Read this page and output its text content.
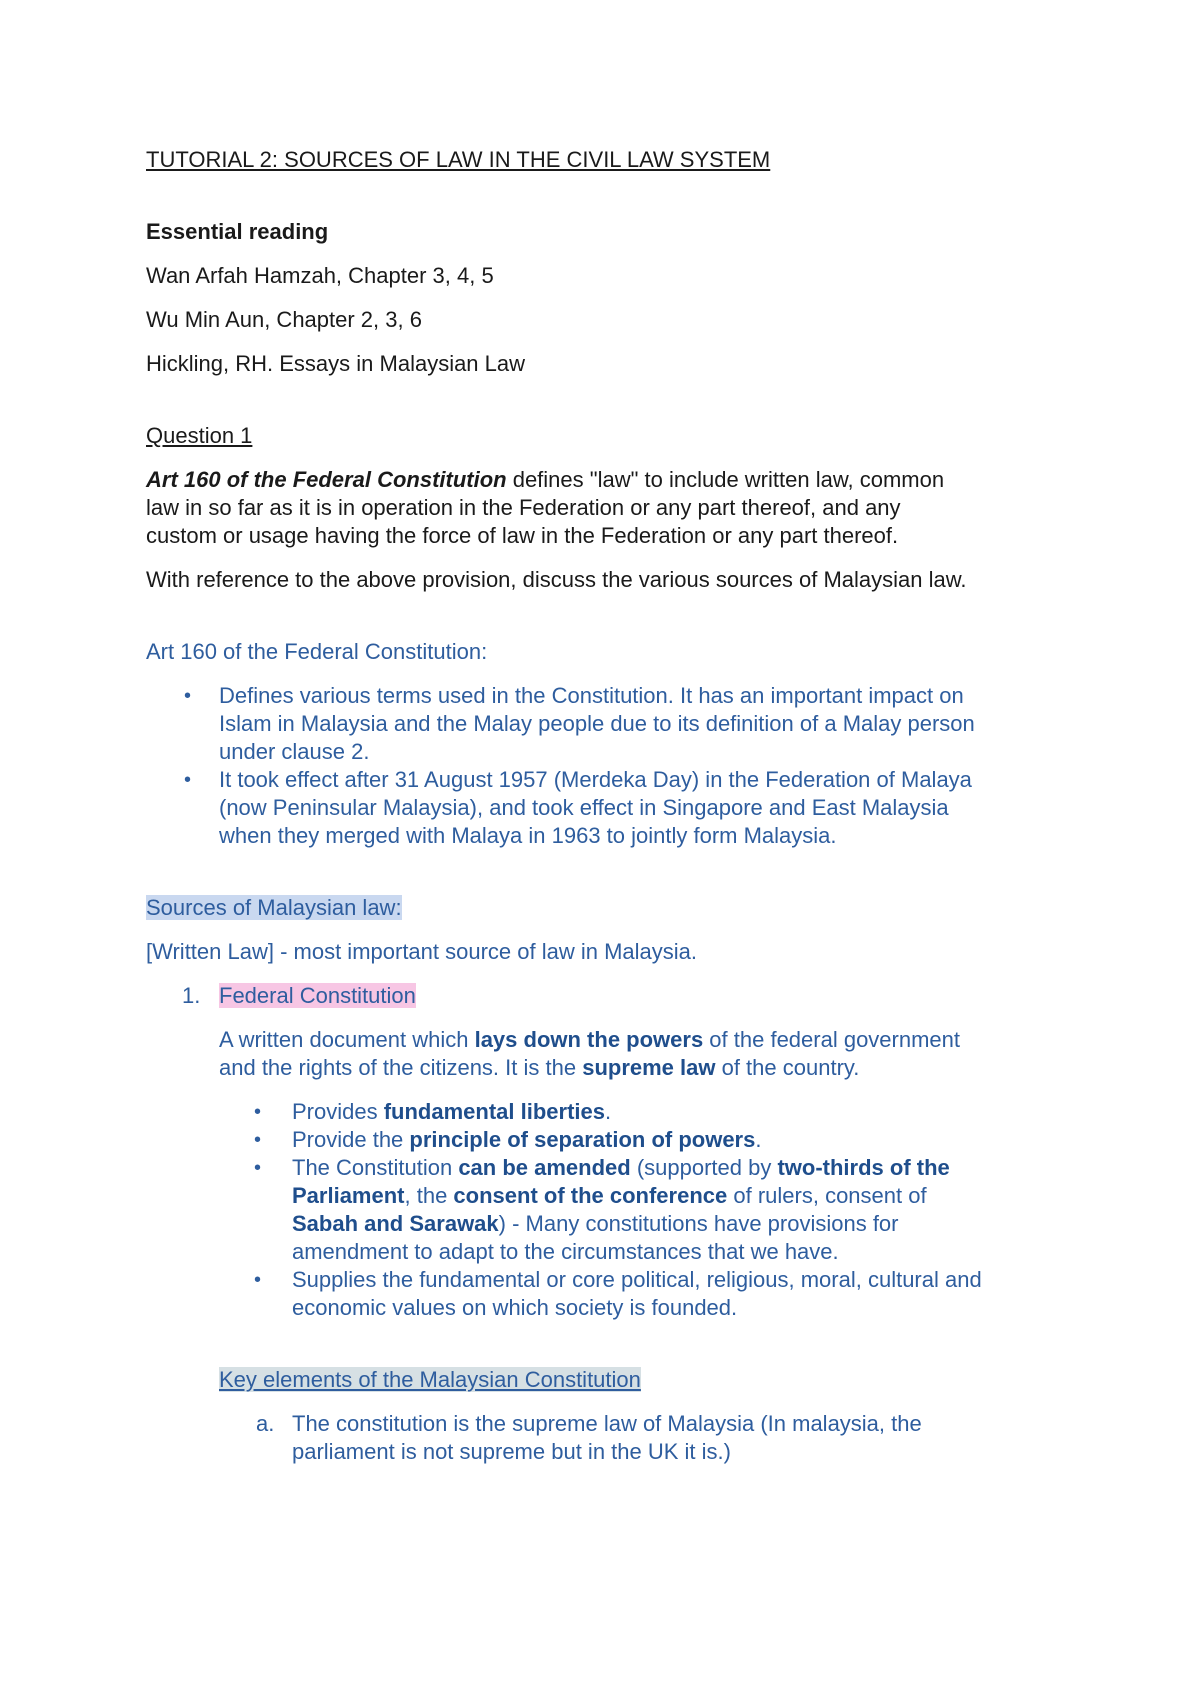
TUTORIAL 2: SOURCES OF LAW IN THE CIVIL LAW SYSTEM
Essential reading
Wan Arfah Hamzah, Chapter 3, 4, 5
Wu Min Aun, Chapter 2, 3, 6
Hickling, RH. Essays in Malaysian Law
Question 1
Art 160 of the Federal Constitution defines "law" to include written law, common
law in so far as it is in operation in the Federation or any part thereof, and any
custom or usage having the force of law in the Federation or any part thereof.
With reference to the above provision, discuss the various sources of Malaysian law.
Art 160 of the Federal Constitution:
• Defines various terms used in the Constitution. It has an important impact on
Islam in Malaysia and the Malay people due to its definition of a Malay person
under clause 2.
• It took effect after 31 August 1957 (Merdeka Day) in the Federation of Malaya
(now Peninsular Malaysia), and took effect in Singapore and East Malaysia
when they merged with Malaya in 1963 to jointly form Malaysia.
Sources of Malaysian law:
[Written Law] - most important source of law in Malaysia.
1. Federal Constitution
A written document which lays down the powers of the federal government
and the rights of the citizens. It is the supreme law of the country.
• Provides fundamental liberties.
• Provide the principle of separation of powers.
• The Constitution can be amended (supported by two-thirds of the
Parliament, the consent of the conference of rulers, consent of
Sabah and Sarawak) - Many constitutions have provisions for
amendment to adapt to the circumstances that we have.
• Supplies the fundamental or core political, religious, moral, cultural and
economic values on which society is founded.
Key elements of the Malaysian Constitution
a. The constitution is the supreme law of Malaysia (In malaysia, the
parliament is not supreme but in the UK it is.)
